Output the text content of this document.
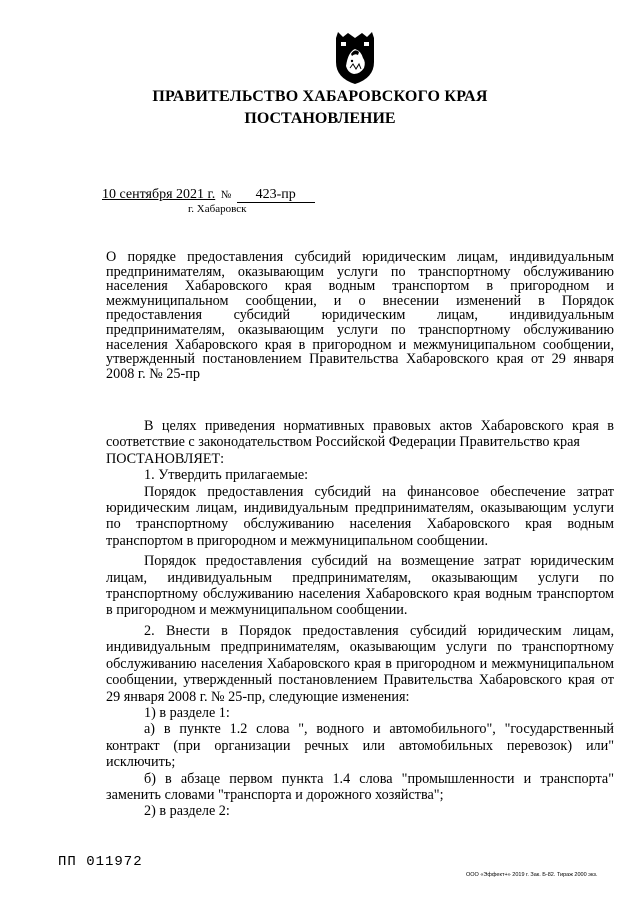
ПРАВИТЕЛЬСТВО ХАБАРОВСКОГО КРАЯ
ПОСТАНОВЛЕНИЕ
10 сентября 2021 г. № 423-пр
г. Хабаровск
О порядке предоставления субсидий юридическим лицам, индивидуальным предпринимателям, оказывающим услуги по транспортному обслуживанию населения Хабаровского края водным транспортом в пригородном и межмуниципальном сообщении, и о внесении изменений в Порядок предоставления субсидий юридическим лицам, индивидуальным предпринимателям, оказывающим услуги по транспортному обслуживанию населения Хабаровского края в пригородном и межмуниципальном сообщении, утвержденный постановлением Правительства Хабаровского края от 29 января 2008 г. № 25-пр

В целях приведения нормативных правовых актов Хабаровского края в соответствие с законодательством Российской Федерации Правительство края

ПОСТАНОВЛЯЕТ:

1. Утвердить прилагаемые:

Порядок предоставления субсидий на финансовое обеспечение затрат юридическим лицам, индивидуальным предпринимателям, оказывающим услуги по транспортному обслуживанию населения Хабаровского края водным транспортом в пригородном и межмуниципальном сообщении.

Порядок предоставления субсидий на возмещение затрат юридическим лицам, индивидуальным предпринимателям, оказывающим услуги по транспортному обслуживанию населения Хабаровского края водным транспортом в пригородном и межмуниципальном сообщении.

2. Внести в Порядок предоставления субсидий юридическим лицам, индивидуальным предпринимателям, оказывающим услуги по транспортному обслуживанию населения Хабаровского края в пригородном и межмуниципальном сообщении, утвержденный постановлением Правительства Хабаровского края от 29 января 2008 г. № 25-пр, следующие изменения:

1) в разделе 1:

а) в пункте 1.2 слова ", водного и автомобильного", "государственный контракт (при организации речных или автомобильных перевозок) или" исключить;

б) в абзаце первом пункта 1.4 слова "промышленности и транспорта" заменить словами "транспорта и дорожного хозяйства";

2) в разделе 2:

ПП 011972
ООО «Эффект+» 2019 г. Зак. Б-82. Тираж 2000 экз.
